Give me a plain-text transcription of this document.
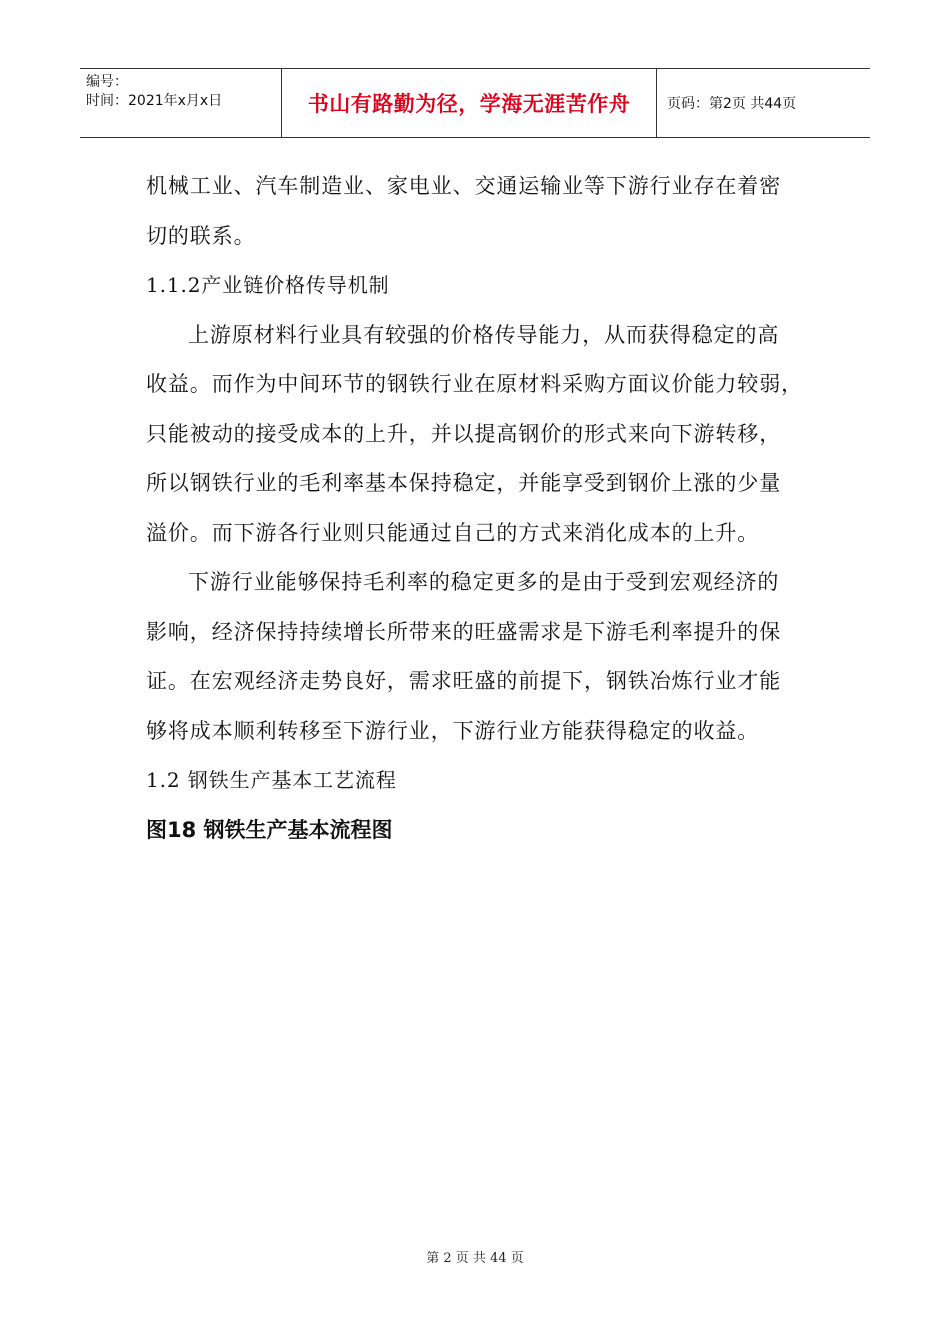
编号：
时间：2021年x月x日	书山有路勤为径，学海无涯苦作舟	页码：第2页 共44页
机械工业、汽车制造业、家电业、交通运输业等下游行业存在着密
切的联系。
1.1.2产业链价格传导机制
上游原材料行业具有较强的价格传导能力，从而获得稳定的高
收益。而作为中间环节的钢铁行业在原材料采购方面议价能力较弱，
只能被动的接受成本的上升，并以提高钢价的形式来向下游转移，
所以钢铁行业的毛利率基本保持稳定，并能享受到钢价上涨的少量
溢价。而下游各行业则只能通过自己的方式来消化成本的上升。
下游行业能够保持毛利率的稳定更多的是由于受到宏观经济的
影响，经济保持持续增长所带来的旺盛需求是下游毛利率提升的保
证。在宏观经济走势良好，需求旺盛的前提下，钢铁冶炼行业才能
够将成本顺利转移至下游行业，下游行业方能获得稳定的收益。
1.2 钢铁生产基本工艺流程
图18 钢铁生产基本流程图
第 2 页 共 44 页
